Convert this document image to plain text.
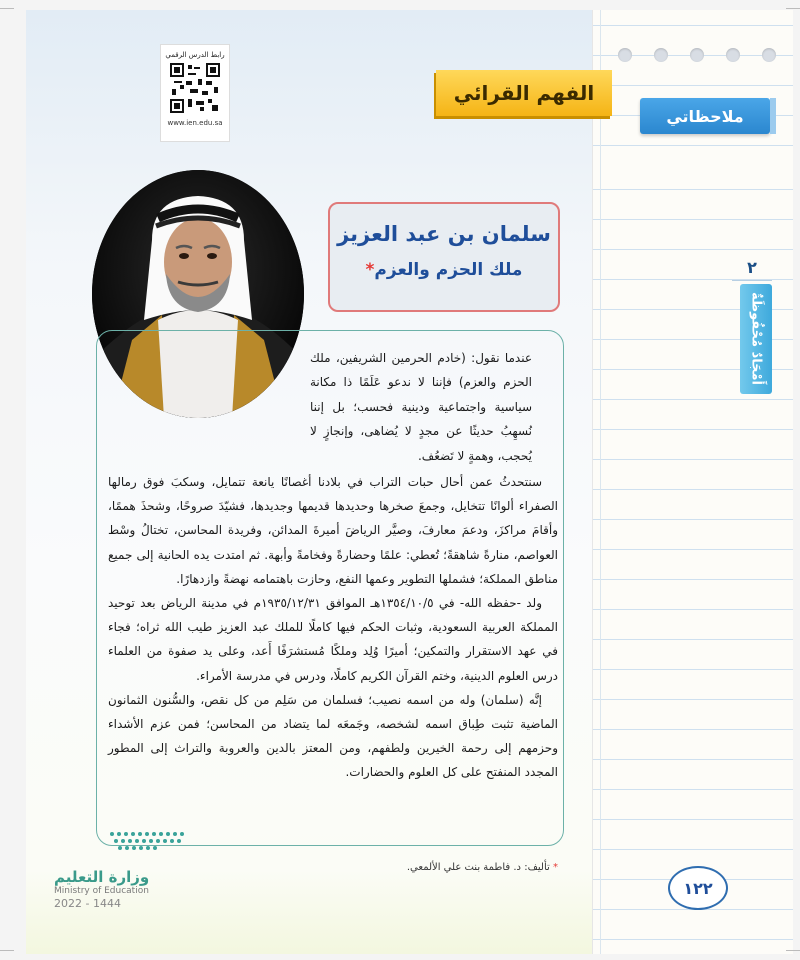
رابط الدرس الرقمي
www.ien.edu.sa
الفهم القرائي
ملاحظاتي
٢
أَمْجَادٌ مُحْفُوظَةٌ
سلمان بن عبد العزيز
ملك الحزم والعزم*

عندما نقول: (خادم الحرمين الشريفين، ملك الحزم والعزم) فإننا لا ندعو عَلَمًا ذا مكانة سياسية واجتماعية ودينية فحسب؛ بل إننا نُسهِبُ حديثًا عن مجدٍ لا يُضاهى، وإنجازٍ لا يُحجب، وهمةٍ لا تَضعُف.

سنتحدثُ عمن أحال حبات التراب في بلادنا أغصانًا يانعة تتمايل، وسكبَ فوق رمالها الصفراء ألوانًا تتخايل، وجمعَ صخرها وحديدها قديمها وجديدها، فشيّدَ صروحًا، وشحذَ هممًا، وأقامَ مراكزَ، ودعمَ معارفَ، وصيَّر الرياضَ أميرةَ المدائن، وفريدة المحاسن، تختالُ وسْط العواصم، منارةً شاهقةً؛ تُعطي: علمًا وحضارةً وفخامةً وأبهة. ثم امتدت يده الحانية إلى جميع مناطق المملكة؛ فشملها التطوير وعمها النفع، وحازت باهتمامه نهضةً وازدهارًا.

ولد -حفظه الله- في ١٣٥٤/١٠/٥هـ الموافق ١٩٣٥/١٢/٣١م في مدينة الرياض بعد توحيد المملكة العربية السعودية، وثبات الحكم فيها كاملًا للملك عبد العزيز طيب الله ثراه؛ فجاء في عهد الاستقرار والتمكين؛ أميرًا وُلِد وملكًا مُستشرَفًا أَعد، وعلى يد صفوة من العلماء درس العلوم الدينية، وختم القرآن الكريم كاملًا، ودرس في مدرسة الأمراء.

إنَّه (سلمان) وله من اسمه نصيب؛ فسلمان من سَلِم من كل نقص، والسُّنون الثمانون الماضية تثبت طِباق اسمه لشخصه، وجَمعَه لما يتضاد من المحاسن؛ فمن عزم الأشداء وحزمهم إلى رحمة الخيرين ولطفهم، ومن المعتز بالدين والعروبة والتراث إلى المطور المجدد المنفتح على كل العلوم والحضارات.

* تأليف: د. فاطمة بنت علي الألمعي.
وزارة التعليم
Ministry of Education
2022 - 1444
١٢٢
